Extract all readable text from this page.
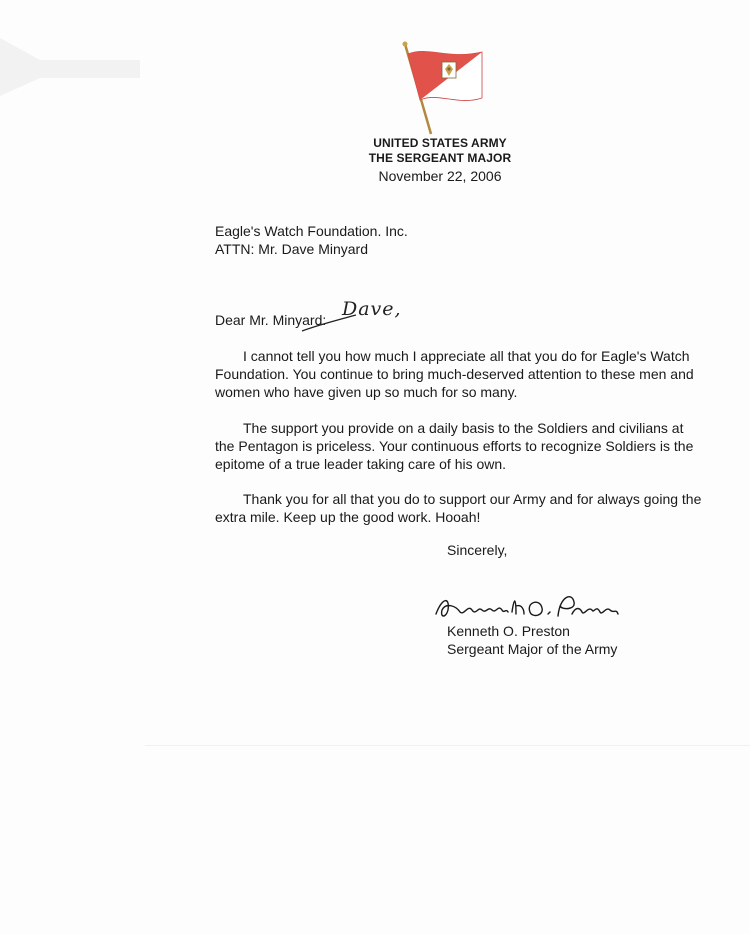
UNITED STATES ARMY
THE SERGEANT MAJOR
November 22, 2006
Eagle's Watch Foundation. Inc.
ATTN: Mr. Dave Minyard
Dear Mr. Minyard: Dave,
I cannot tell you how much I appreciate all that you do for Eagle's Watch Foundation. You continue to bring much-deserved attention to these men and women who have given up so much for so many.
The support you provide on a daily basis to the Soldiers and civilians at the Pentagon is priceless. Your continuous efforts to recognize Soldiers is the epitome of a true leader taking care of his own.
Thank you for all that you do to support our Army and for always going the extra mile. Keep up the good work. Hooah!
Sincerely,
Kenneth O. Preston
Sergeant Major of the Army
